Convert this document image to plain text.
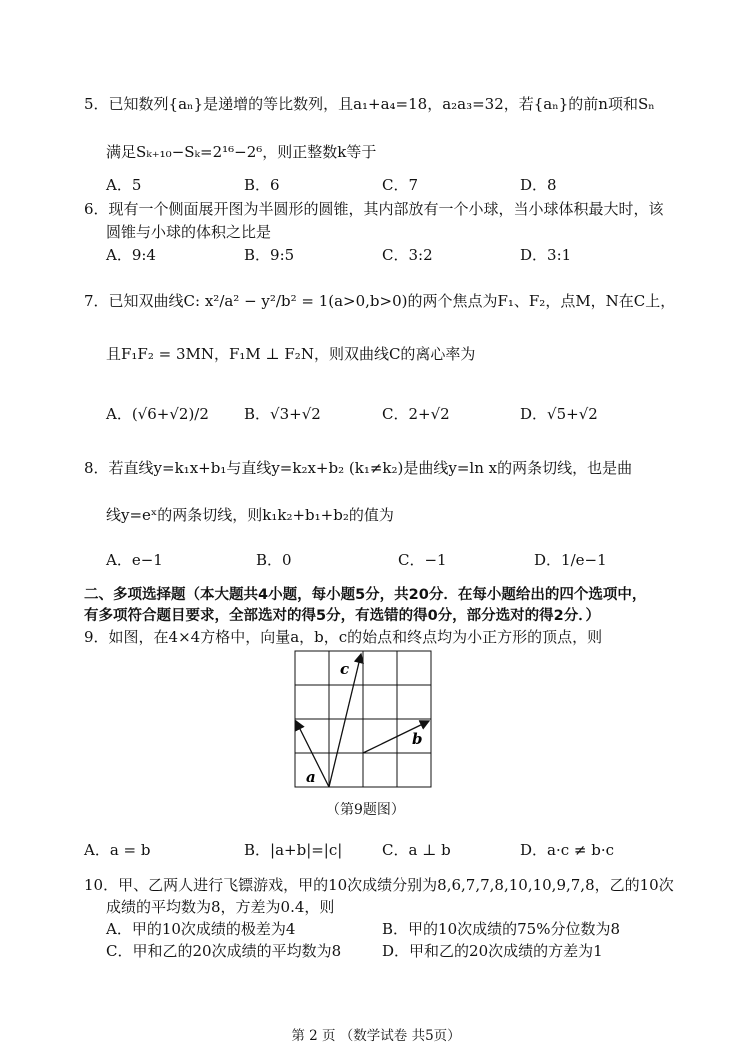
5．已知数列{aₙ}是递增的等比数列，且a₁+a₄=18，a₂a₃=32，若{aₙ}的前n项和Sₙ
满足Sₖ₊₁₀−Sₖ=2¹⁶−2⁶，则正整数k等于
A．5	B．6	C．7	D．8
6．现有一个侧面展开图为半圆形的圆锥，其内部放有一个小球，当小球体积最大时，该
圆锥与小球的体积之比是
A．9:4	B．9:5	C．3:2	D．3:1
7．已知双曲线C: x²/a² − y²/b² = 1(a>0,b>0)的两个焦点为F₁、F₂，点M，N在C上，
且F₁F₂ = 3MN，F₁M ⊥ F₂N，则双曲线C的离心率为
A．(√6+√2)/2 B．√3+√2	C．2+√2	D．√5+√2
8．若直线y=k₁x+b₁与直线y=k₂x+b₂ (k₁≠k₂)是曲线y=ln x的两条切线，也是曲
线y=eˣ的两条切线，则k₁k₂+b₁+b₂的值为
A．e−1	B．0	C．−1	D．1/e−1
二、多项选择题（本大题共4小题，每小题5分，共20分．在每小题给出的四个选项中，
有多项符合题目要求，全部选对的得5分，有选错的得0分，部分选对的得2分．）
9．如图，在4×4方格中，向量a，b，c的始点和终点均为小正方形的顶点，则
a
b
c
（第9题图）
A．a = b	B．|a+b|=|c|	C．a ⊥ b	D．a·c ≠ b·c
10．甲、乙两人进行飞镖游戏，甲的10次成绩分别为8,6,7,7,8,10,10,9,7,8，乙的10次
成绩的平均数为8，方差为0.4，则
A．甲的10次成绩的极差为4	B．甲的10次成绩的75%分位数为8
C．甲和乙的20次成绩的平均数为8	D．甲和乙的20次成绩的方差为1
第 2 页 （数学试卷 共5页）
